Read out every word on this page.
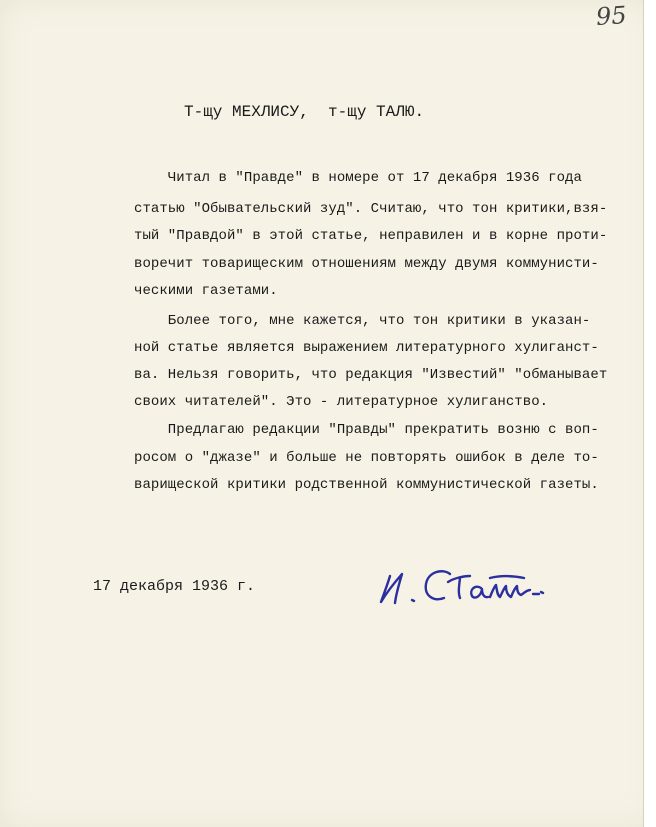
95
Т-щу МЕХЛИСУ,  т-щу ТАЛЮ.
Читал в "Правде" в номере от 17 декабря 1936 года
статью "Обывательский зуд". Считаю, что тон критики,взя-
тый "Правдой" в этой статье, неправилен и в корне проти-
воречит товарищеским отношениям между двумя коммунисти-
ческими газетами.
Более того, мне кажется, что тон критики в указан-
ной статье является выражением литературного хулиганст-
ва. Нельзя говорить, что редакция "Известий" "обманывает
своих читателей". Это - литературное хулиганство.
Предлагаю редакции "Правды" прекратить возню с воп-
росом о "джазе" и больше не повторять ошибок в деле то-
варищеской критики родственной коммунистической газеты.
17 декабря 1936 г.
